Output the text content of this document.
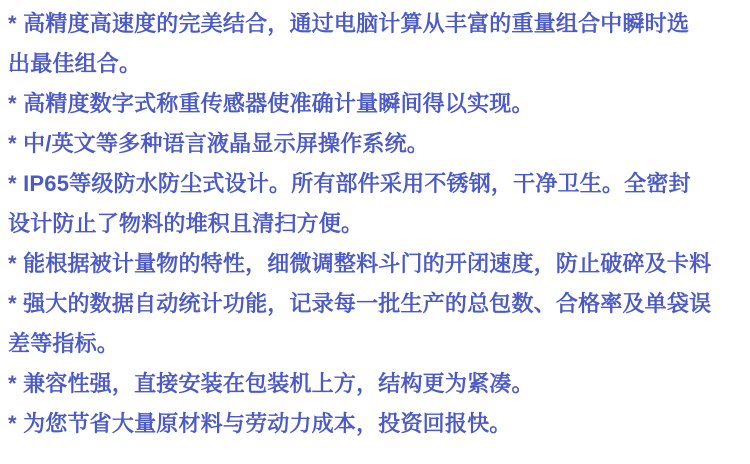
* 高精度高速度的完美结合，通过电脑计算从丰富的重量组合中瞬时选
出最佳组合。
* 高精度数字式称重传感器使准确计量瞬间得以实现。
* 中/英文等多种语言液晶显示屏操作系统。
* IP65等级防水防尘式设计。所有部件采用不锈钢，干净卫生。全密封
设计防止了物料的堆积且清扫方便。
* 能根据被计量物的特性，细微调整料斗门的开闭速度，防止破碎及卡料
* 强大的数据自动统计功能，记录每一批生产的总包数、合格率及单袋误
差等指标。
* 兼容性强，直接安装在包装机上方，结构更为紧凑。
* 为您节省大量原材料与劳动力成本，投资回报快。
